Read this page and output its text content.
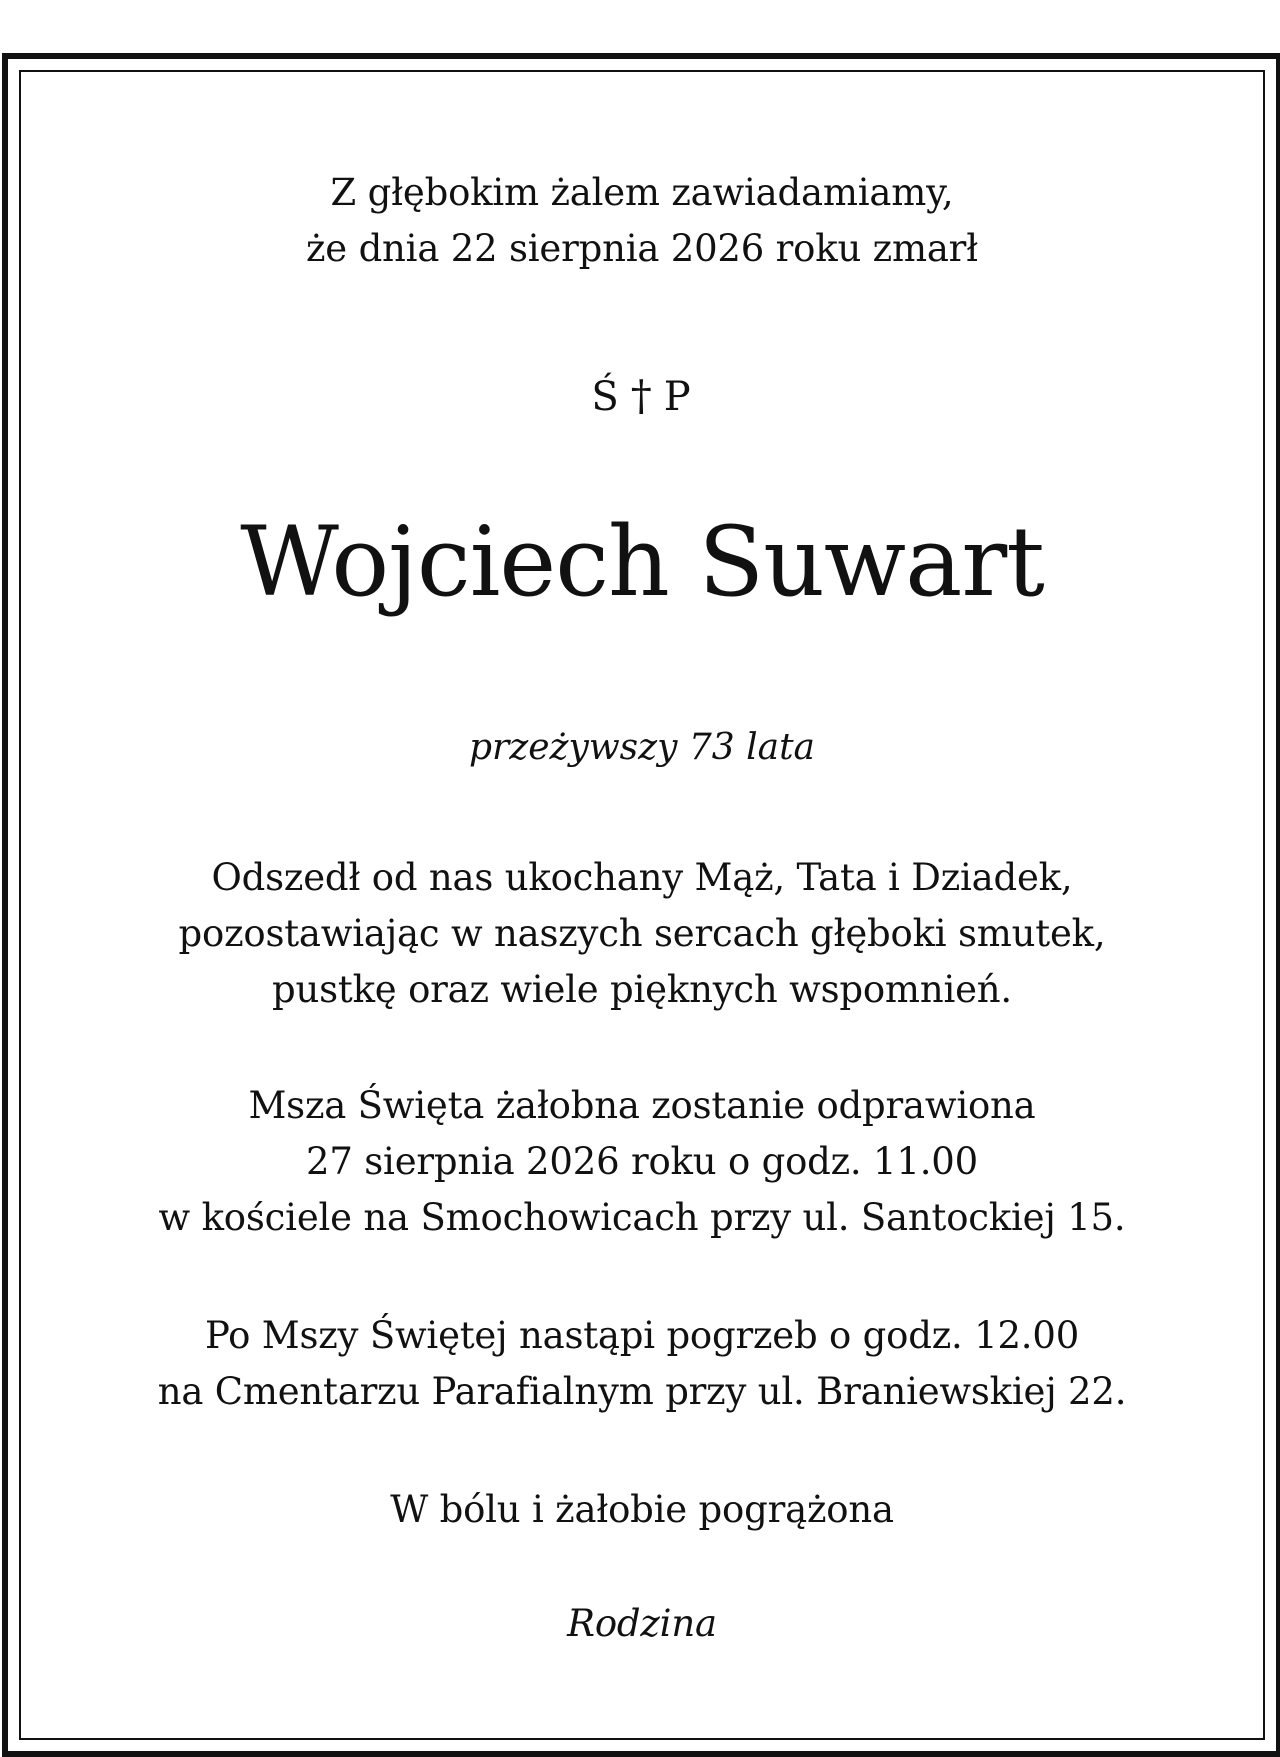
Z głębokim żalem zawiadamiamy,
że dnia 22 sierpnia 2026 roku zmarł
Ś † P
Wojciech Suwart
przeżywszy 73 lata
Odszedł od nas ukochany Mąż, Tata i Dziadek,
pozostawiając w naszych sercach głęboki smutek,
pustkę oraz wiele pięknych wspomnień.
Msza Święta żałobna zostanie odprawiona
27 sierpnia 2026 roku o godz. 11.00
w kościele na Smochowicach przy ul. Santockiej 15.
Po Mszy Świętej nastąpi pogrzeb o godz. 12.00
na Cmentarzu Parafialnym przy ul. Braniewskiej 22.
W bólu i żałobie pogrążona
Rodzina
